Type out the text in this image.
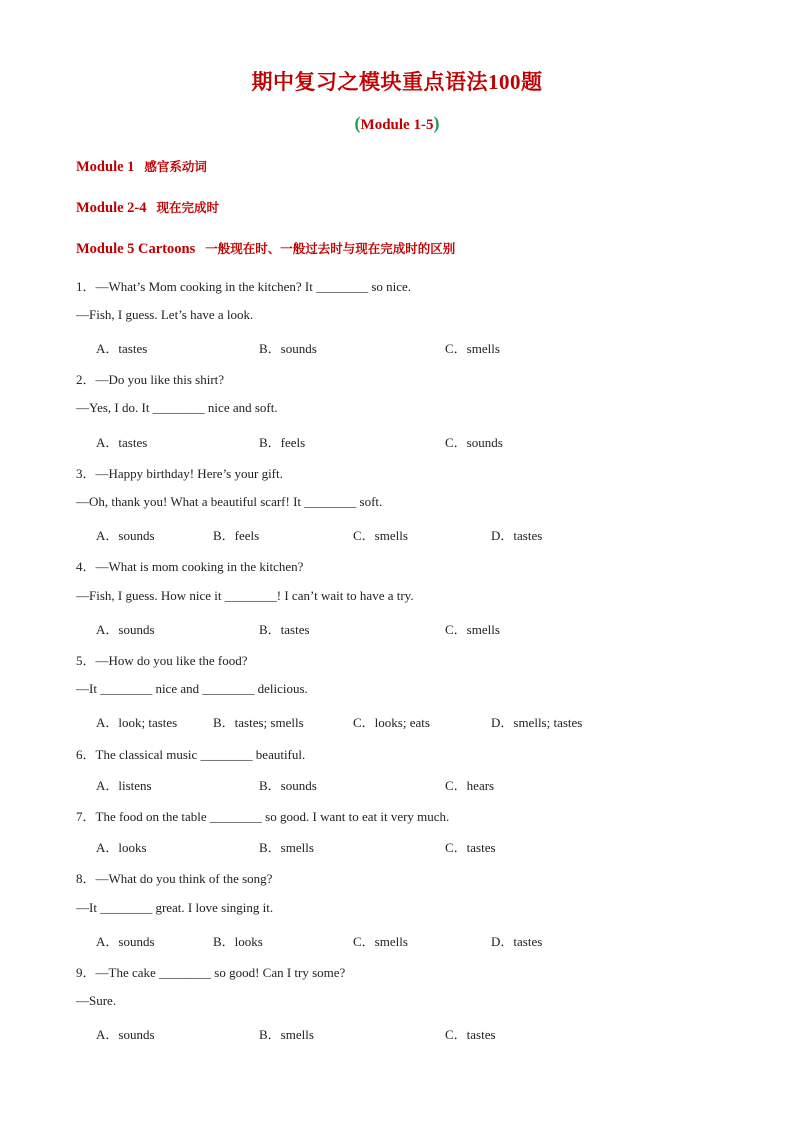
期中复习之模块重点语法100题
(Module 1-5)
Module 1 感官系动词
Module 2-4 现在完成时
Module 5 Cartoons 一般现在时、一般过去时与现在完成时的区别
1．—What’s Mom cooking in the kitchen? It ________ so nice.
—Fish, I guess. Let’s have a look.
A．tastes	B．sounds	C．smells
2．—Do you like this shirt?
—Yes, I do. It ________ nice and soft.
A．tastes	B．feels	C．sounds
3．—Happy birthday! Here’s your gift.
—Oh, thank you! What a beautiful scarf! It ________ soft.
A．sounds	B．feels	C．smells	D．tastes
4．—What is mom cooking in the kitchen?
—Fish, I guess. How nice it ________! I can’t wait to have a try.
A．sounds	B．tastes	C．smells
5．—How do you like the food?
—It ________ nice and ________ delicious.
A．look; tastes	B．tastes; smells	C．looks; eats	D．smells; tastes
6．The classical music ________ beautiful.
A．listens	B．sounds	C．hears
7．The food on the table ________ so good. I want to eat it very much.
A．looks	B．smells	C．tastes
8．—What do you think of the song?
—It ________ great. I love singing it.
A．sounds	B．looks	C．smells	D．tastes
9．—The cake ________ so good! Can I try some?
—Sure.
A．sounds	B．smells	C．tastes
